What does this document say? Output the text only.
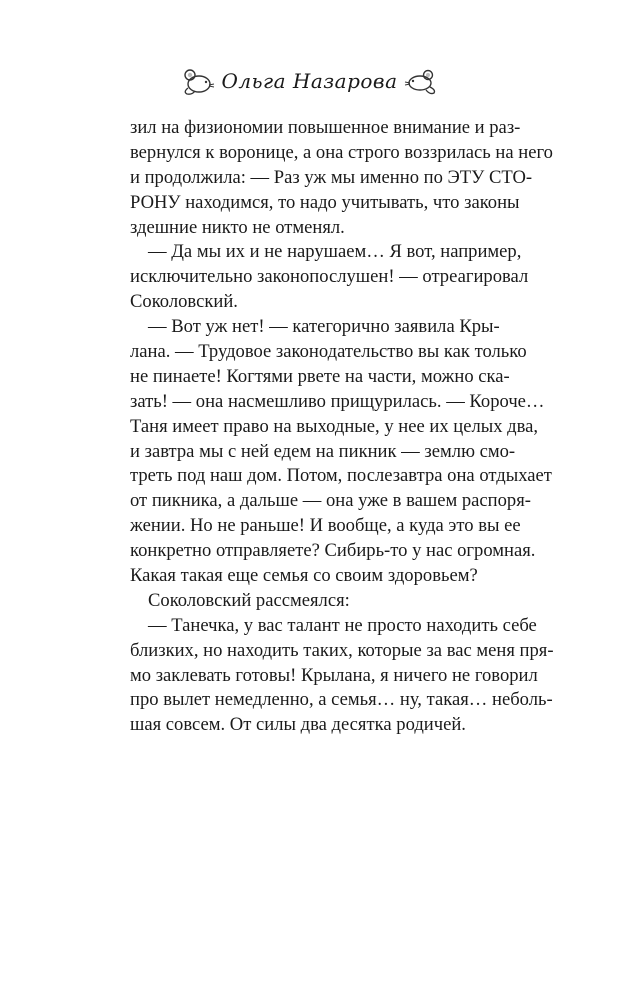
Ольга Назарова
зил на физиономии повышенное внимание и раз-
вернулся к воронице, а она строго воззрилась на него
и продолжила: — Раз уж мы именно по ЭТУ СТО-
РОНУ находимся, то надо учитывать, что законы
здешние никто не отменял.
— Да мы их и не нарушаем… Я вот, например,
исключительно законопослушен! — отреагировал
Соколовский.
— Вот уж нет! — категорично заявила Кры-
лана. — Трудовое законодательство вы как только
не пинаете! Когтями рвете на части, можно ска-
зать! — она насмешливо прищурилась. — Короче…
Таня имеет право на выходные, у нее их целых два,
и завтра мы с ней едем на пикник — землю смо-
треть под наш дом. Потом, послезавтра она отдыхает
от пикника, а дальше — она уже в вашем распоря-
жении. Но не раньше! И вообще, а куда это вы ее
конкретно отправляете? Сибирь-то у нас огромная.
Какая такая еще семья со своим здоровьем?
Соколовский рассмеялся:
— Танечка, у вас талант не просто находить себе
близких, но находить таких, которые за вас меня пря-
мо заклевать готовы! Крылана, я ничего не говорил
про вылет немедленно, а семья… ну, такая… неболь-
шая совсем. От силы два десятка родичей.
